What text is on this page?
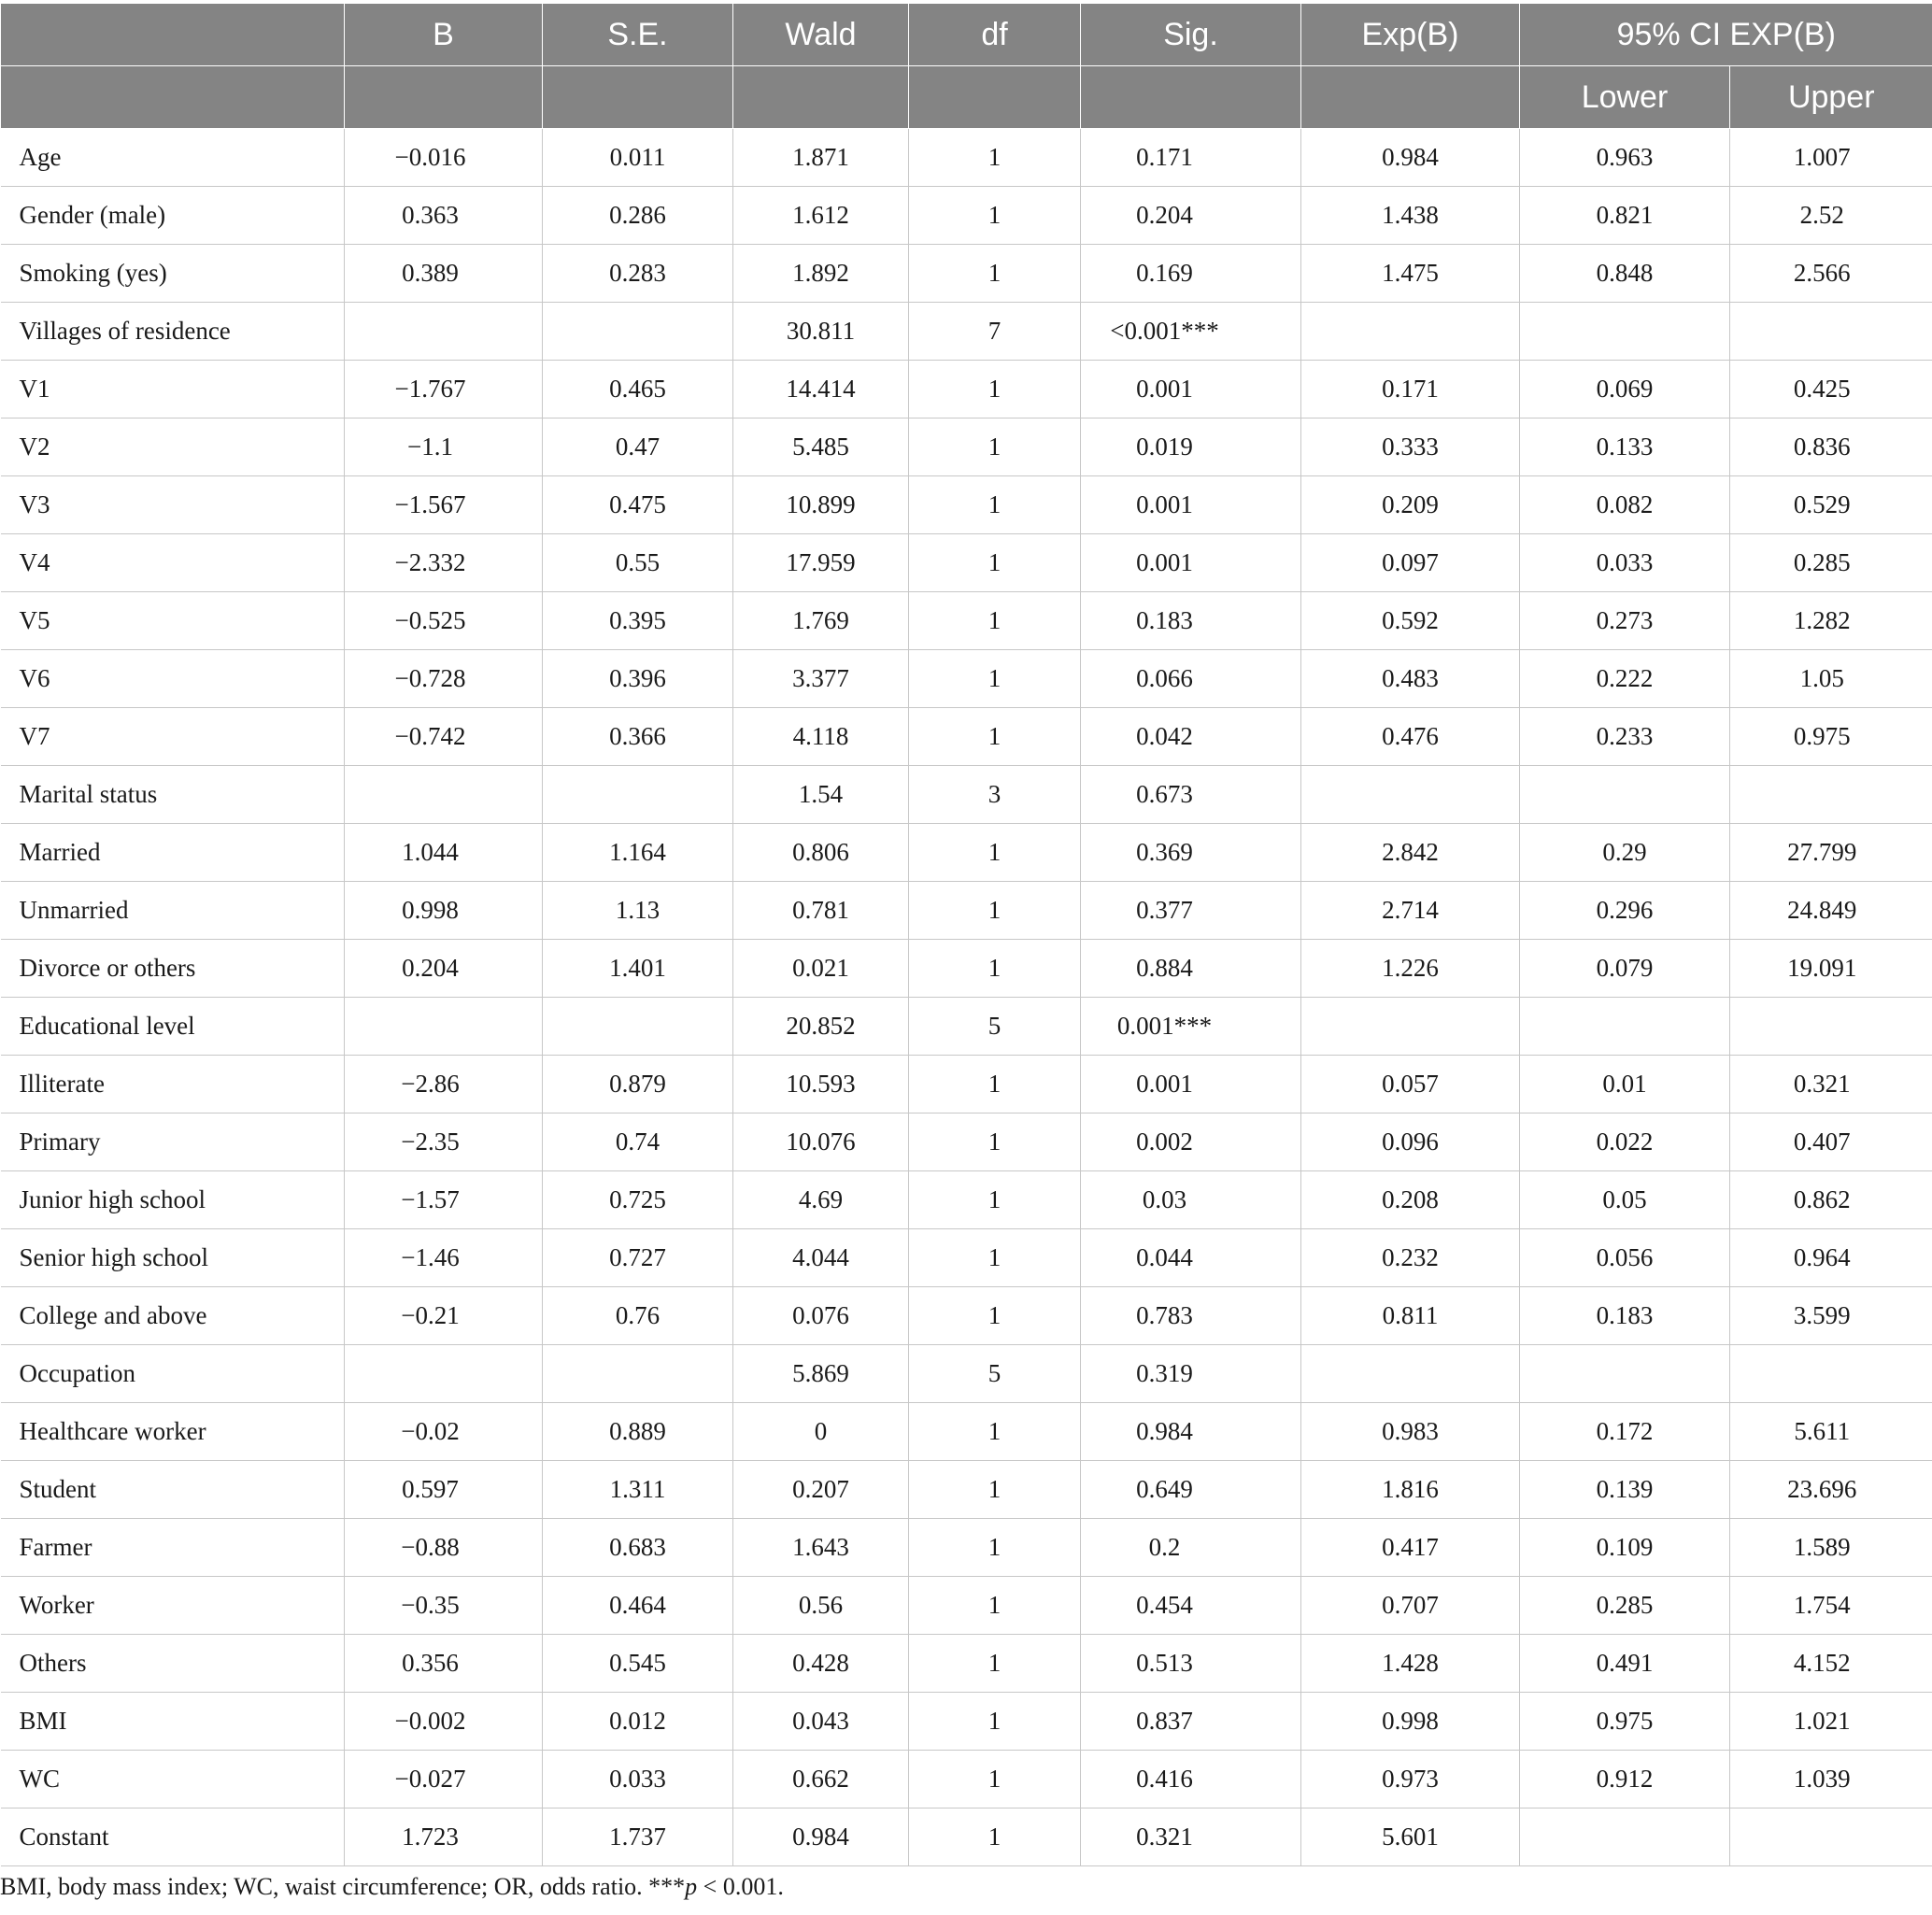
	B	S.E.	Wald	df	Sig.	Exp(B)	95% CI EXP(B)	
							Lower	Upper
Age	−0.016	0.011	1.871	1	0.171	0.984	0.963	1.007
Gender (male)	0.363	0.286	1.612	1	0.204	1.438	0.821	2.52
Smoking (yes)	0.389	0.283	1.892	1	0.169	1.475	0.848	2.566
Villages of residence			30.811	7	<0.001***			
V1	−1.767	0.465	14.414	1	0.001	0.171	0.069	0.425
V2	−1.1	0.47	5.485	1	0.019	0.333	0.133	0.836
V3	−1.567	0.475	10.899	1	0.001	0.209	0.082	0.529
V4	−2.332	0.55	17.959	1	0.001	0.097	0.033	0.285
V5	−0.525	0.395	1.769	1	0.183	0.592	0.273	1.282
V6	−0.728	0.396	3.377	1	0.066	0.483	0.222	1.05
V7	−0.742	0.366	4.118	1	0.042	0.476	0.233	0.975
Marital status			1.54	3	0.673			
Married	1.044	1.164	0.806	1	0.369	2.842	0.29	27.799
Unmarried	0.998	1.13	0.781	1	0.377	2.714	0.296	24.849
Divorce or others	0.204	1.401	0.021	1	0.884	1.226	0.079	19.091
Educational level			20.852	5	0.001***			
Illiterate	−2.86	0.879	10.593	1	0.001	0.057	0.01	0.321
Primary	−2.35	0.74	10.076	1	0.002	0.096	0.022	0.407
Junior high school	−1.57	0.725	4.69	1	0.03	0.208	0.05	0.862
Senior high school	−1.46	0.727	4.044	1	0.044	0.232	0.056	0.964
College and above	−0.21	0.76	0.076	1	0.783	0.811	0.183	3.599
Occupation			5.869	5	0.319			
Healthcare worker	−0.02	0.889	0	1	0.984	0.983	0.172	5.611
Student	0.597	1.311	0.207	1	0.649	1.816	0.139	23.696
Farmer	−0.88	0.683	1.643	1	0.2	0.417	0.109	1.589
Worker	−0.35	0.464	0.56	1	0.454	0.707	0.285	1.754
Others	0.356	0.545	0.428	1	0.513	1.428	0.491	4.152
BMI	−0.002	0.012	0.043	1	0.837	0.998	0.975	1.021
WC	−0.027	0.033	0.662	1	0.416	0.973	0.912	1.039
Constant	1.723	1.737	0.984	1	0.321	5.601		
BMI, body mass index; WC, waist circumference; OR, odds ratio. ***p < 0.001.
